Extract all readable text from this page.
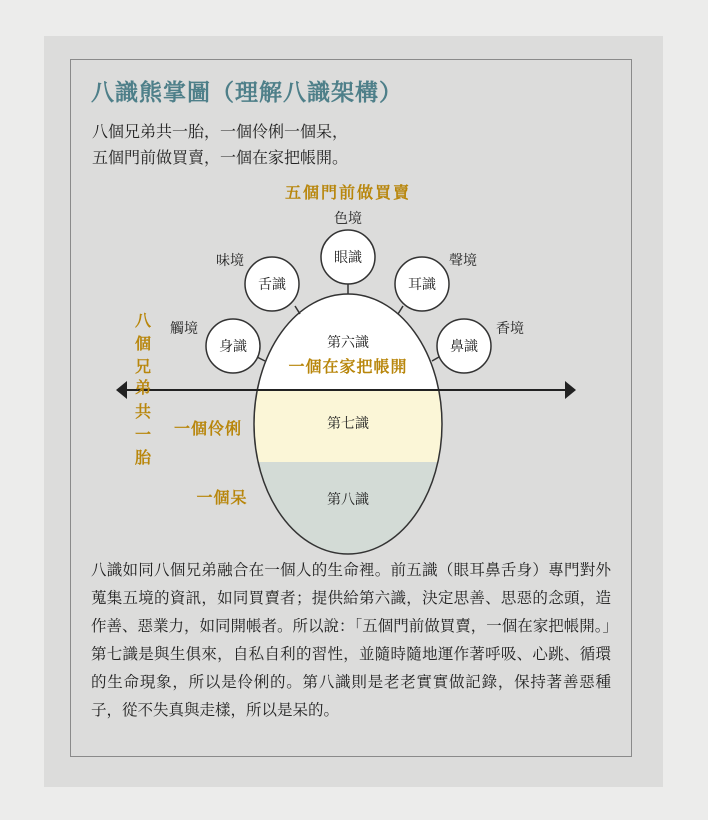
八識熊掌圖（理解八識架構）
八個兄弟共一胎，一個伶俐一個呆，
五個門前做買賣，一個在家把帳開。
身識
舌識
眼識
耳識
鼻識
觸境
味境
色境
聲境
香境
五個門前做買賣
八
個
兄
弟
共
一
胎
第六識
一個在家把帳開
第七識
第八識
一個伶俐
一個呆

八識如同八個兄弟融合在一個人的生命裡。前五識（眼耳鼻舌身）專門對外蒐集五境的資訊，如同買賣者；提供給第六識，決定思善、思惡的念頭，造作善、惡業力，如同開帳者。所以說：「五個門前做買賣，一個在家把帳開。」

第七識是與生俱來，自私自利的習性，並隨時隨地運作著呼吸、心跳、循環的生命現象，所以是伶俐的。第八識則是老老實實做記錄，保持著善惡種子，從不失真與走樣，所以是呆的。
